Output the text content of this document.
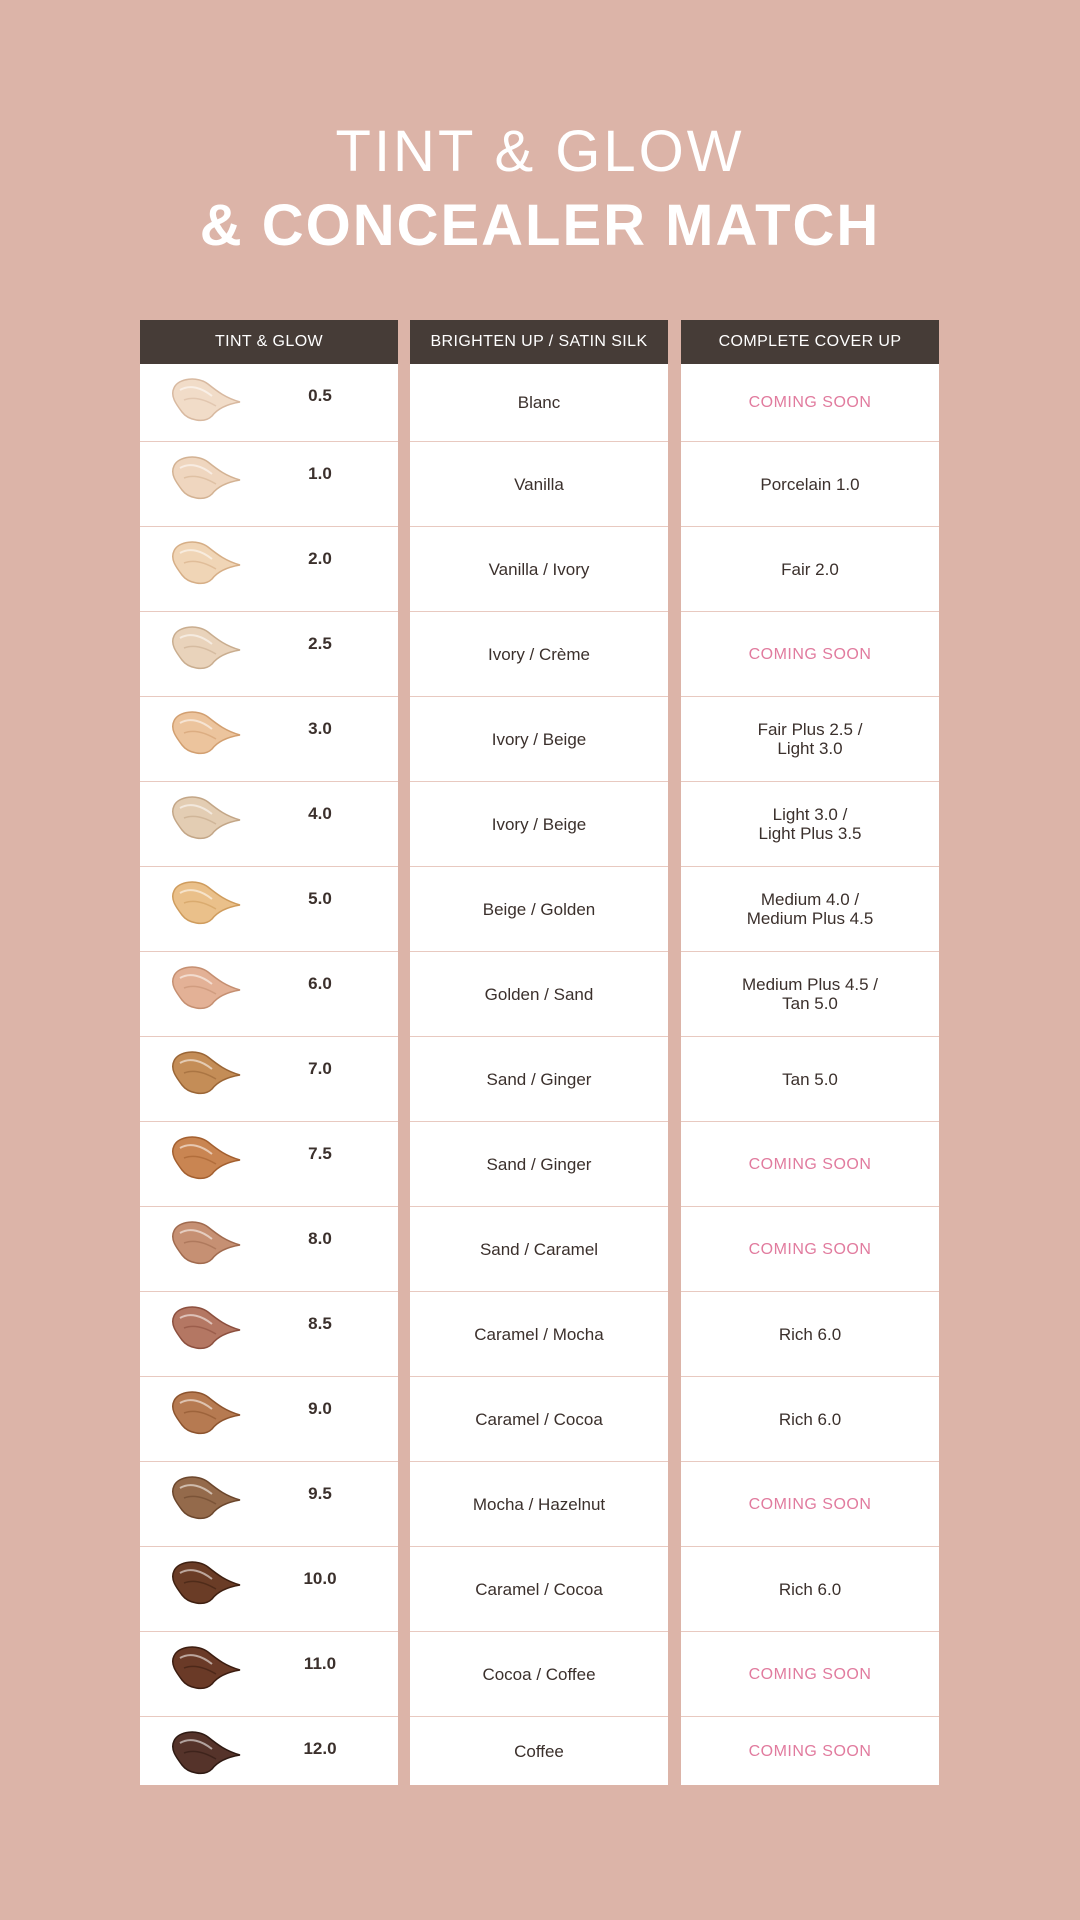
TINT & GLOW
& CONCEALER MATCH
TINT & GLOW
0.5
1.0
2.0
2.5
3.0
4.0
5.0
6.0
7.0
7.5
8.0
8.5
9.0
9.5
10.0
11.0
12.0
BRIGHTEN UP / SATIN SILK
Blanc
Vanilla
Vanilla / Ivory
Ivory / Crème
Ivory / Beige
Ivory / Beige
Beige / Golden
Golden / Sand
Sand / Ginger
Sand / Ginger
Sand / Caramel
Caramel / Mocha
Caramel / Cocoa
Mocha / Hazelnut
Caramel / Cocoa
Cocoa / Coffee
Coffee
COMPLETE COVER UP
COMING SOON
Porcelain 1.0
Fair 2.0
COMING SOON
Fair Plus 2.5 /
Light 3.0
Light 3.0 /
Light Plus 3.5
Medium 4.0 /
Medium Plus 4.5
Medium Plus 4.5 /
Tan 5.0
Tan 5.0
COMING SOON
COMING SOON
Rich 6.0
Rich 6.0
COMING SOON
Rich 6.0
COMING SOON
COMING SOON
